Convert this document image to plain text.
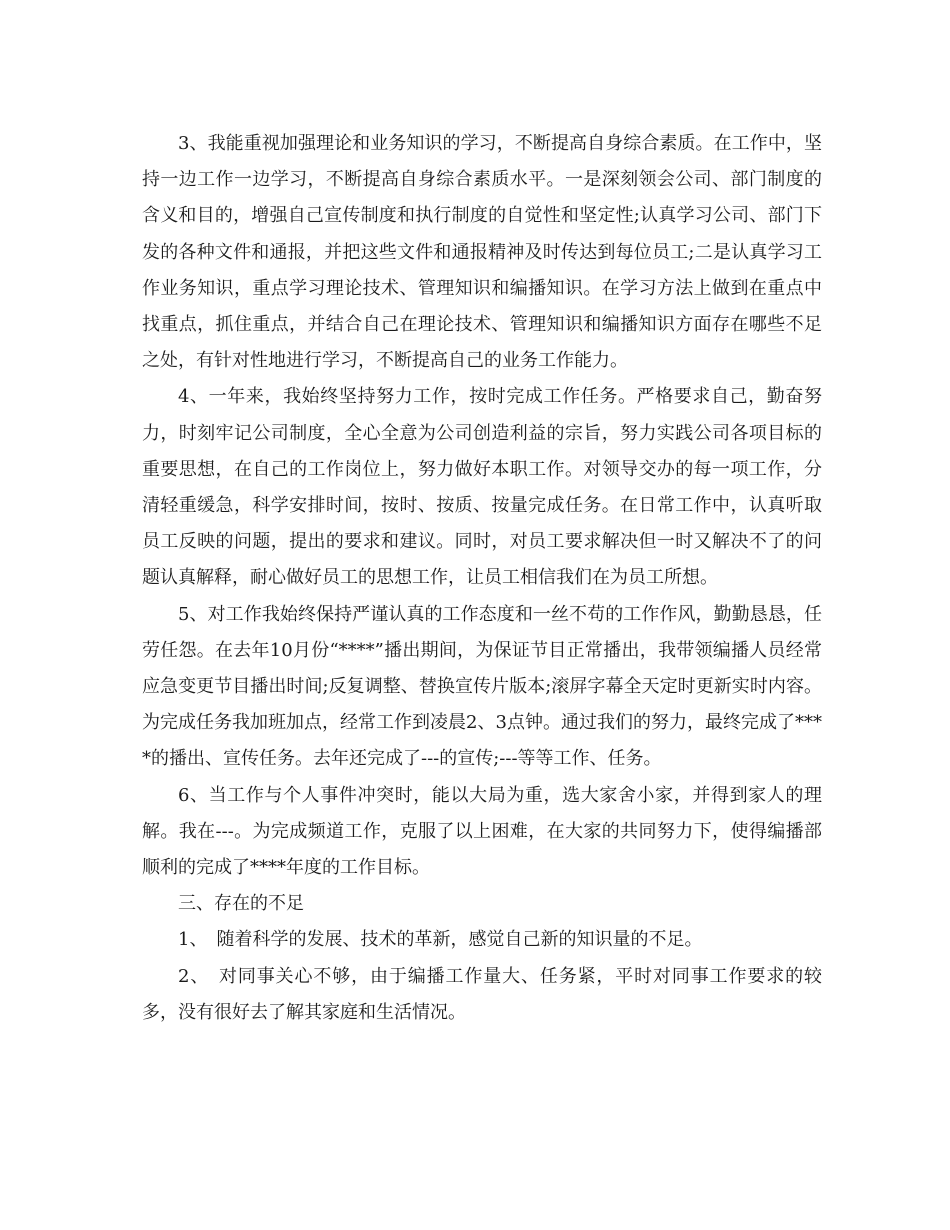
3、我能重视加强理论和业务知识的学习，不断提高自身综合素质。在工作中，坚持一边工作一边学习，不断提高自身综合素质水平。一是深刻领会公司、部门制度的含义和目的，增强自己宣传制度和执行制度的自觉性和坚定性;认真学习公司、部门下发的各种文件和通报，并把这些文件和通报精神及时传达到每位员工;二是认真学习工作业务知识，重点学习理论技术、管理知识和编播知识。在学习方法上做到在重点中找重点，抓住重点，并结合自己在理论技术、管理知识和编播知识方面存在哪些不足之处，有针对性地进行学习，不断提高自己的业务工作能力。

4、一年来，我始终坚持努力工作，按时完成工作任务。严格要求自己，勤奋努力，时刻牢记公司制度，全心全意为公司创造利益的宗旨，努力实践公司各项目标的重要思想，在自己的工作岗位上，努力做好本职工作。对领导交办的每一项工作，分清轻重缓急，科学安排时间，按时、按质、按量完成任务。在日常工作中，认真听取员工反映的问题，提出的要求和建议。同时，对员工要求解决但一时又解决不了的问题认真解释，耐心做好员工的思想工作，让员工相信我们在为员工所想。

5、对工作我始终保持严谨认真的工作态度和一丝不苟的工作作风，勤勤恳恳，任劳任怨。在去年10月份“****”播出期间，为保证节目正常播出，我带领编播人员经常应急变更节目播出时间;反复调整、替换宣传片版本;滚屏字幕全天定时更新实时内容。为完成任务我加班加点，经常工作到凌晨2、3点钟。通过我们的努力，最终完成了****的播出、宣传任务。去年还完成了---的宣传;---等等工作、任务。

6、当工作与个人事件冲突时，能以大局为重，选大家舍小家，并得到家人的理解。我在---。为完成频道工作，克服了以上困难，在大家的共同努力下，使得编播部顺利的完成了****年度的工作目标。

三、存在的不足

1、　随着科学的发展、技术的革新，感觉自己新的知识量的不足。

2、　对同事关心不够，由于编播工作量大、任务紧，平时对同事工作要求的较多，没有很好去了解其家庭和生活情况。
